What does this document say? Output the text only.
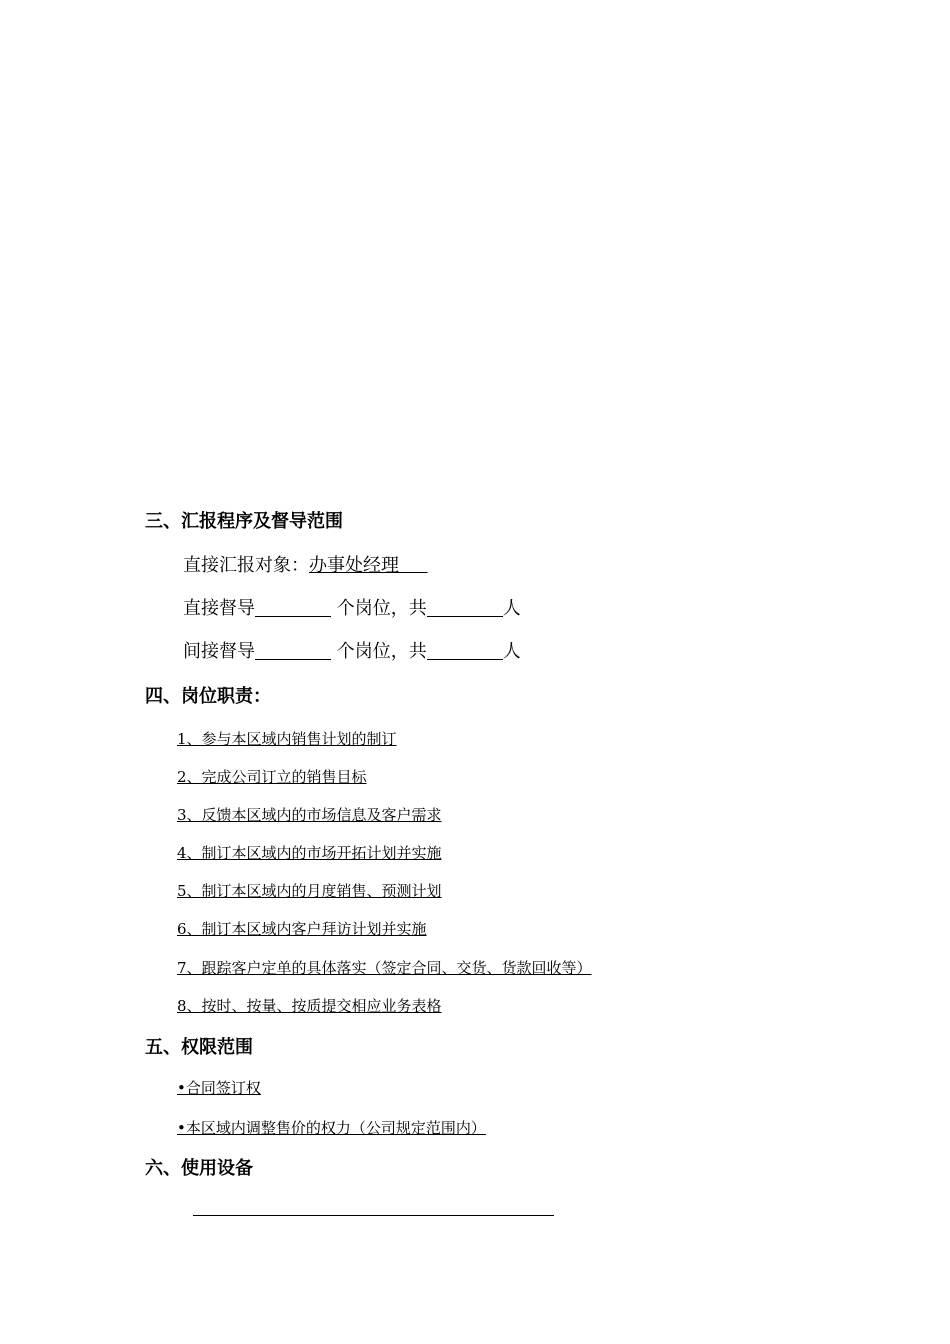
三、汇报程序及督导范围
直接汇报对象：办事处经理
直接督导	个岗位，共	人
间接督导	个岗位，共	人
四、岗位职责：
1、参与本区域内销售计划的制订
2、完成公司订立的销售目标
3、反馈本区域内的市场信息及客户需求
4、制订本区域内的市场开拓计划并实施
5、制订本区域内的月度销售、预测计划
6、制订本区域内客户拜访计划并实施
7、跟踪客户定单的具体落实（签定合同、交货、货款回收等）
8、按时、按量、按质提交相应业务表格
五、权限范围
•合同签订权
•本区域内调整售价的权力（公司规定范围内）
六、使用设备
